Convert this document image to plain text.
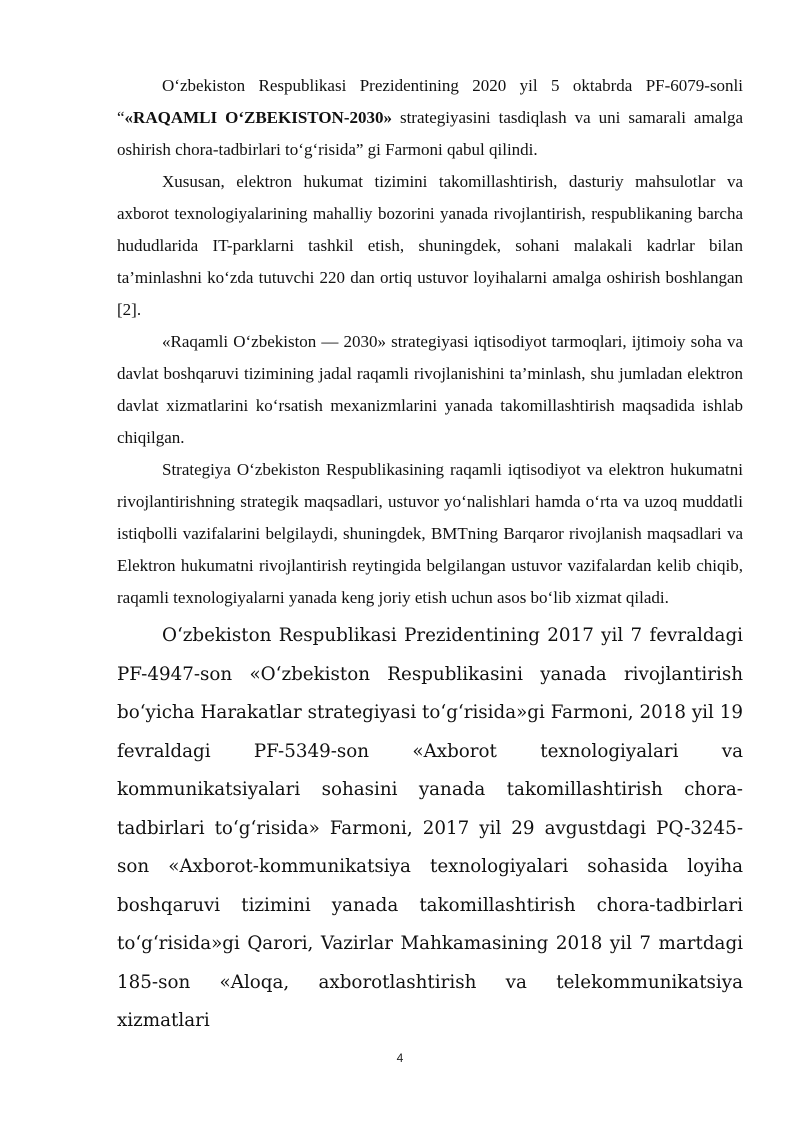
O‘zbekiston Respublikasi Prezidentining 2020 yil 5 oktabrda PF-6079-sonli “«RAQAMLI O‘ZBEKISTON-2030» strategiyasini tasdiqlash va uni samarali amalga oshirish chora-tadbirlari to‘g‘risida” gi Farmoni qabul qilindi.

Xususan, elektron hukumat tizimini takomillashtirish, dasturiy mahsulotlar va axborot texnologiyalarining mahalliy bozorini yanada rivojlantirish, respublikaning barcha hududlarida IT-parklarni tashkil etish, shuningdek, sohani malakali kadrlar bilan ta’minlashni ko‘zda tutuvchi 220 dan ortiq ustuvor loyihalarni amalga oshirish boshlangan [2].

«Raqamli O‘zbekiston — 2030» strategiyasi iqtisodiyot tarmoqlari, ijtimoiy soha va davlat boshqaruvi tizimining jadal raqamli rivojlanishini ta’minlash, shu jumladan elektron davlat xizmatlarini ko‘rsatish mexanizmlarini yanada takomillashtirish maqsadida ishlab chiqilgan.

Strategiya O‘zbekiston Respublikasining raqamli iqtisodiyot va elektron hukumatni rivojlantirishning strategik maqsadlari, ustuvor yo‘nalishlari hamda o‘rta va uzoq muddatli istiqbolli vazifalarini belgilaydi, shuningdek, BMTning Barqaror rivojlanish maqsadlari va Elektron hukumatni rivojlantirish reytingida belgilangan ustuvor vazifalardan kelib chiqib, raqamli texnologiyalarni yanada keng joriy etish uchun asos bo‘lib xizmat qiladi.

O‘zbekiston Respublikasi Prezidentining 2017 yil 7 fevraldagi PF-4947-son «O‘zbekiston Respublikasini yanada rivojlantirish bo‘yicha Harakatlar strategiyasi to‘g‘risida»gi Farmoni, 2018 yil 19 fevraldagi PF-5349-son «Axborot texnologiyalari va kommunikatsiyalari sohasini yanada takomillashtirish chora-tadbirlari to‘g‘risida» Farmoni, 2017 yil 29 avgustdagi PQ-3245-son «Axborot-kommunikatsiya texnologiyalari sohasida loyiha boshqaruvi tizimini yanada takomillashtirish chora-tadbirlari to‘g‘risida»gi Qarori, Vazirlar Mahkamasining 2018 yil 7 martdagi 185-son «Aloqa, axborotlashtirish va telekommunikatsiya xizmatlari

4
